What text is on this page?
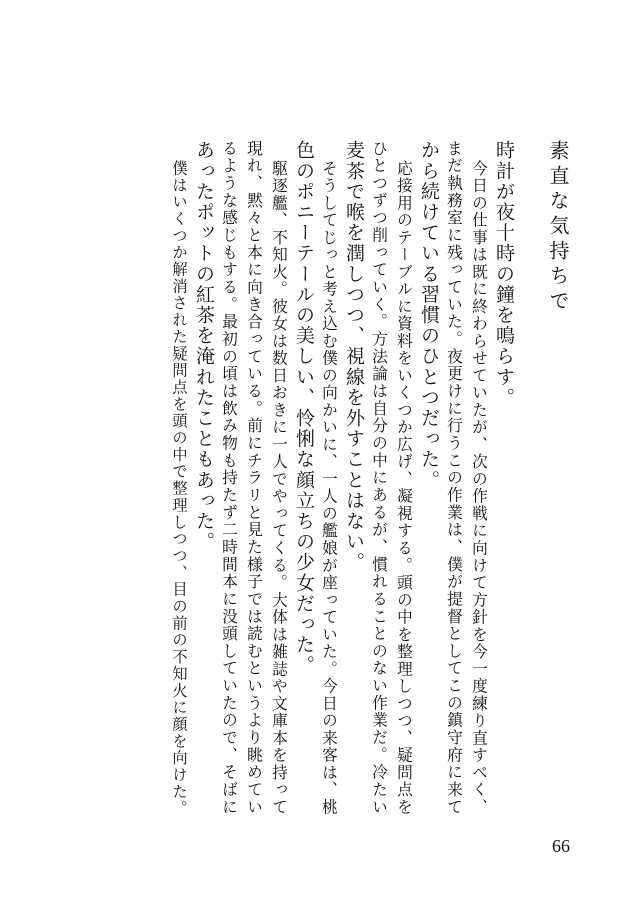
素直な気持ちで
時計が夜十時の鐘を鳴らす。
今日の仕事は既に終わらせていたが、次の作戦に向けて方針を今一度練り直すべく、
まだ執務室に残っていた。夜更けに行うこの作業は、僕が提督としてこの鎮守府に来て
から続けている習慣のひとつだった。
応接用のテーブルに資料をいくつか広げ、凝視する。頭の中を整理しつつ、疑問点を
ひとつずつ削っていく。方法論は自分の中にあるが、慣れることのない作業だ。冷たい
麦茶で喉を潤しつつ、視線を外すことはない。
そうしてじっと考え込む僕の向かいに、一人の艦娘が座っていた。今日の来客は、桃
色のポニーテールの美しい、怜悧な顔立ちの少女だった。
駆逐艦、不知火。彼女は数日おきに一人でやってくる。大体は雑誌や文庫本を持って
現れ、黙々と本に向き合っている。前にチラリと見た様子では読むというより眺めてい
るような感じもする。最初の頃は飲み物も持たず二時間本に没頭していたので、そばに
あったポットの紅茶を淹れたこともあった。
僕はいくつか解消された疑問点を頭の中で整理しつつ、目の前の不知火に顔を向けた。
66
